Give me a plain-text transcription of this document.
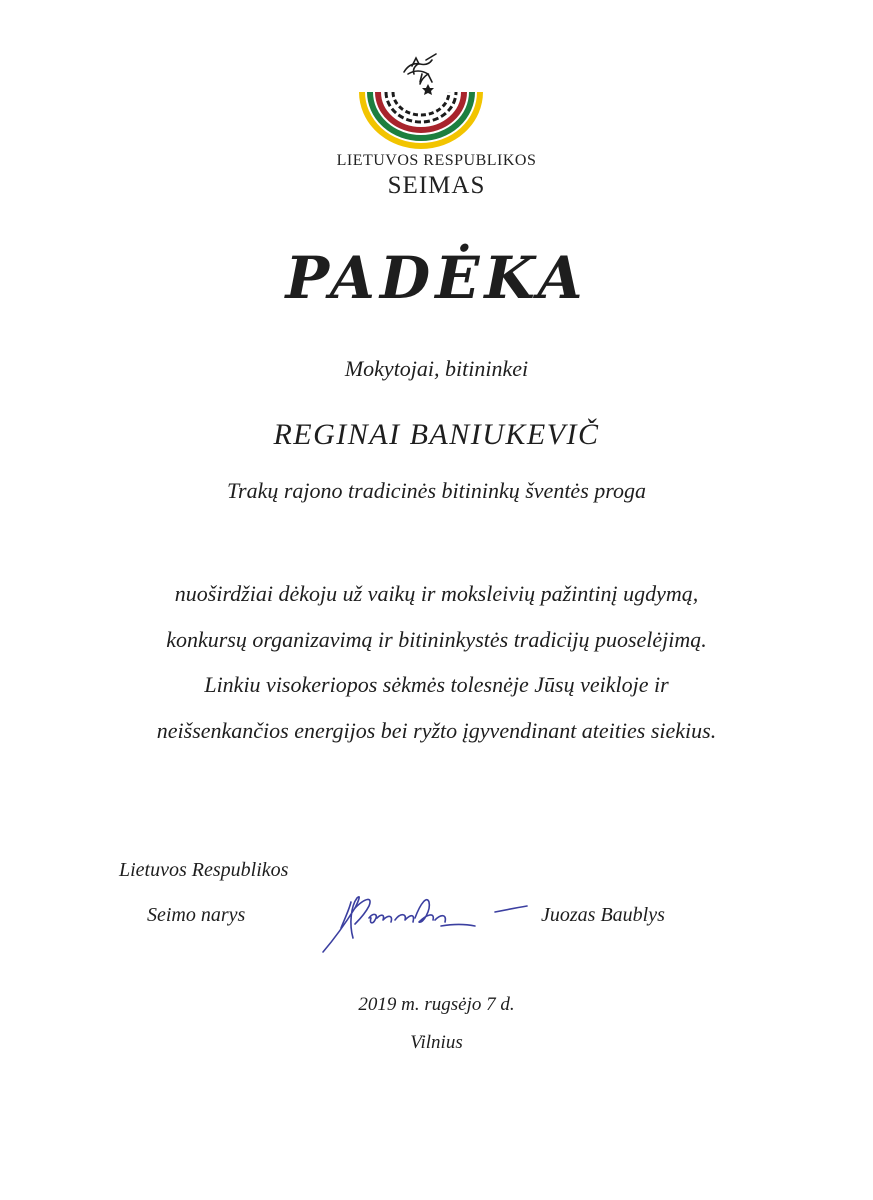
LIETUVOS RESPUBLIKOS
SEIMAS
PADĖKA
Mokytojai, bitininkei
REGINAI BANIUKEVIČ
Trakų rajono tradicinės bitininkų šventės proga
nuoširdžiai dėkoju už vaikų ir moksleivių pažintinį ugdymą,
konkursų organizavimą ir bitininkystės tradicijų puoselėjimą.
Linkiu visokeriopos sėkmės tolesnėje Jūsų veikloje ir
neišsenkančios energijos bei ryžto įgyvendinant ateities siekius.
Lietuvos Respublikos
Seimo narys	Juozas Baublys
2019 m. rugsėjo 7 d.
Vilnius
